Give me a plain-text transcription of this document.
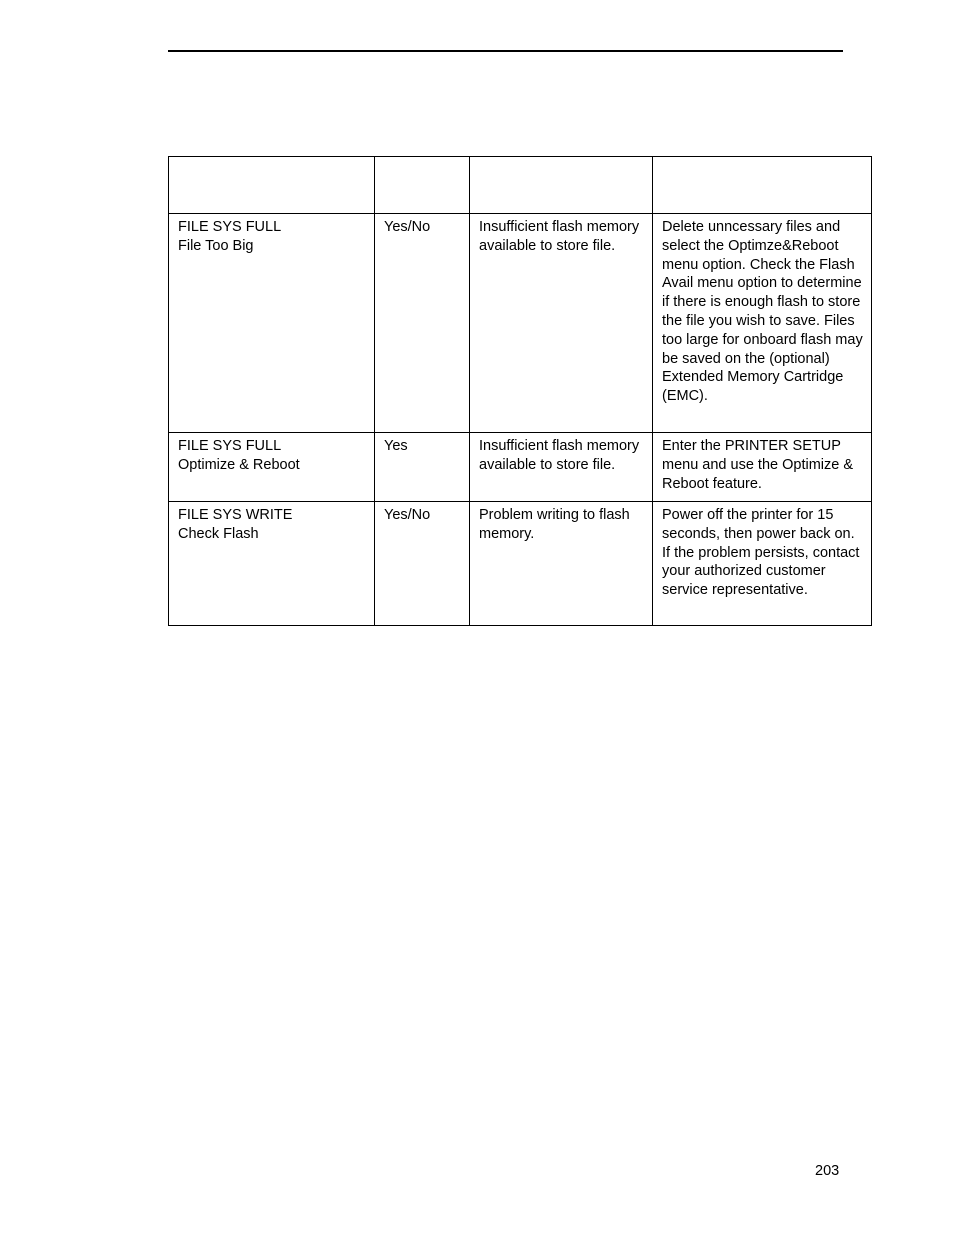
FILE SYS FULL
File Too Big	Yes/No	Insufficient flash memory available to store file.	Delete unncessary files and select the Optimze&Reboot menu option. Check the Flash Avail menu option to determine if there is enough flash to store the file you wish to save. Files too large for onboard flash may be saved on the (optional) Extended Memory Cartridge (EMC).

FILE SYS FULL
Optimize & Reboot	Yes	Insufficient flash memory available to store file.	Enter the PRINTER SETUP menu and use the Optimize & Reboot feature.

FILE SYS WRITE
Check Flash	Yes/No	Problem writing to flash memory.	Power off the printer for 15 seconds, then power back on. If the problem persists, contact your authorized customer service representative.
203
